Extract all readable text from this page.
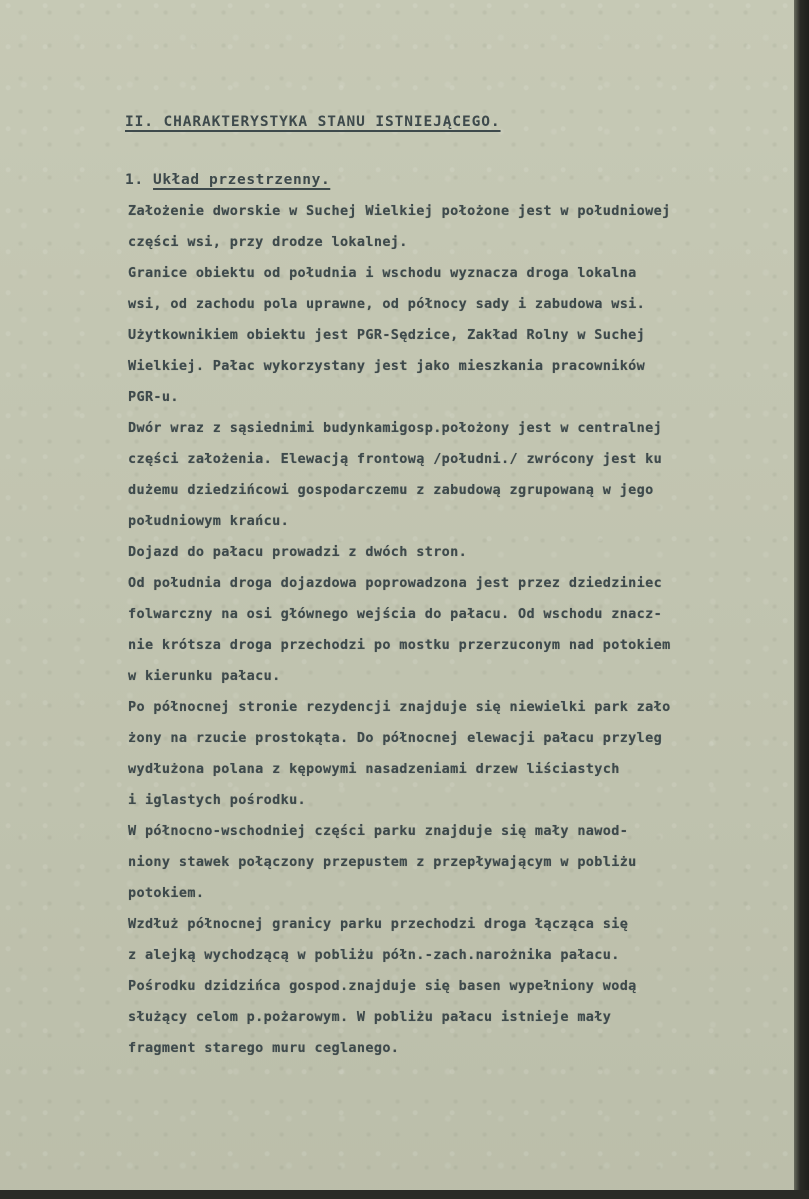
II. CHARAKTERYSTYKA STANU ISTNIEJĄCEGO.
1. Układ przestrzenny.
Założenie dworskie w Suchej Wielkiej położone jest w południowej
części wsi, przy drodze lokalnej.
Granice obiektu od południa i wschodu wyznacza droga lokalna
wsi, od zachodu pola uprawne, od północy sady i zabudowa wsi.
Użytkownikiem obiektu jest PGR-Sędzice, Zakład Rolny w Suchej
Wielkiej. Pałac wykorzystany jest jako mieszkania pracowników
PGR-u.
Dwór wraz z sąsiednimi budynkamigosp.położony jest w centralnej
części założenia. Elewacją frontową /południ./ zwrócony jest ku
dużemu dziedzińcowi gospodarczemu z zabudową zgrupowaną w jego
południowym krańcu.
Dojazd do pałacu prowadzi z dwóch stron.
Od południa droga dojazdowa poprowadzona jest przez dziedziniec
folwarczny na osi głównego wejścia do pałacu. Od wschodu znacz-
nie krótsza droga przechodzi po mostku przerzuconym nad potokiem
w kierunku pałacu.
Po północnej stronie rezydencji znajduje się niewielki park zało
żony na rzucie prostokąta. Do północnej elewacji pałacu przyleg
wydłużona polana z kępowymi nasadzeniami drzew liściastych
i iglastych pośrodku.
W północno-wschodniej części parku znajduje się mały nawod-
niony stawek połączony przepustem z przepływającym w pobliżu
potokiem.
Wzdłuż północnej granicy parku przechodzi droga łącząca się
z alejką wychodzącą w pobliżu półn.-zach.narożnika pałacu.
Pośrodku dzidzińca gospod.znajduje się basen wypełniony wodą
służący celom p.pożarowym. W pobliżu pałacu istnieje mały
fragment starego muru ceglanego.
